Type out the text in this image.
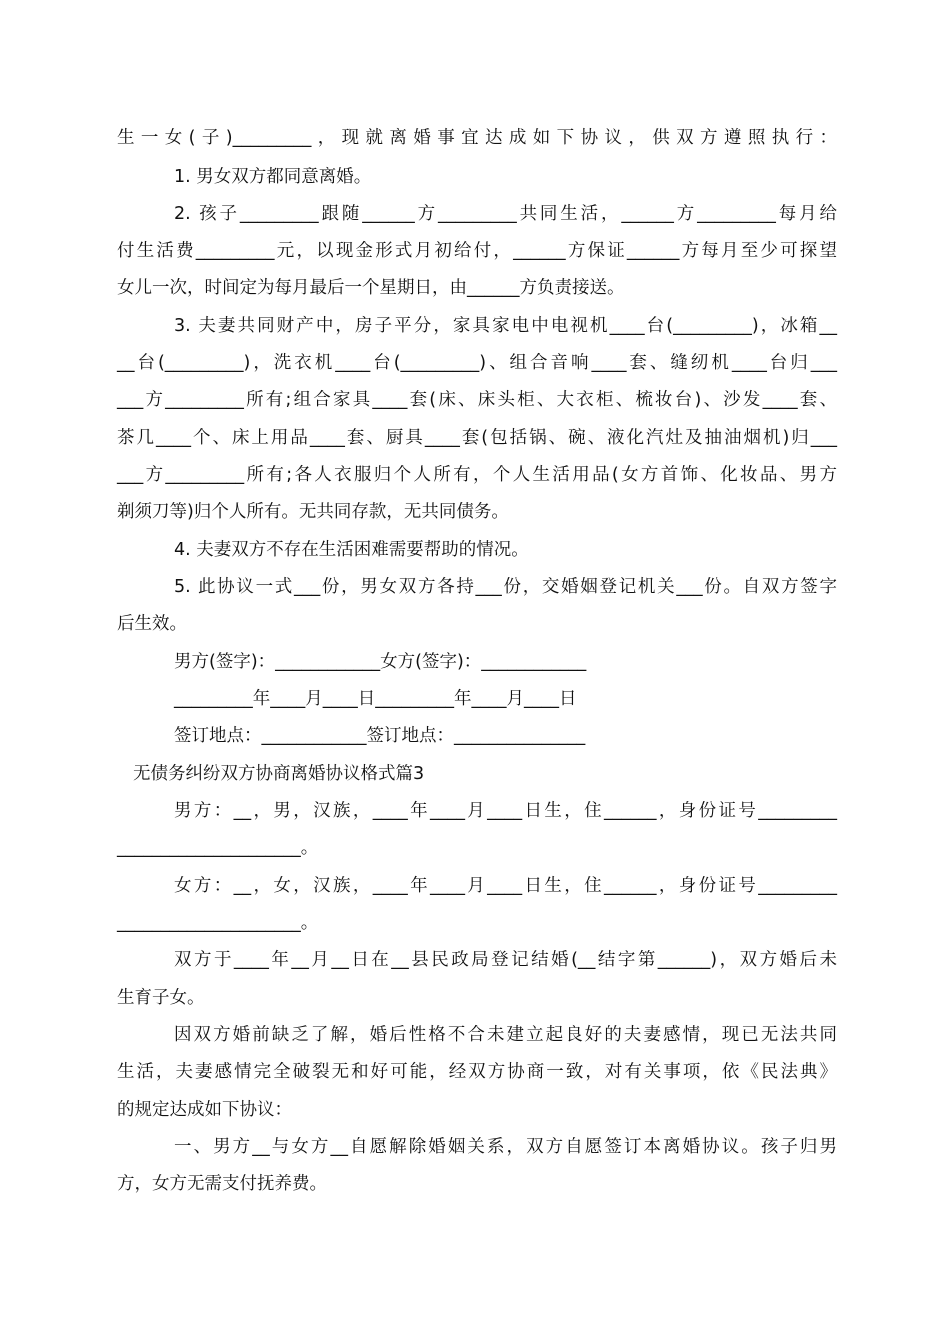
生一女(子)_________，现就离婚事宜达成如下协议，供双方遵照执行：
1. 男女双方都同意离婚。
2. 孩子_________跟随______方_________共同生活，______方_________每月给
付生活费_________元，以现金形式月初给付，______方保证______方每月至少可探望
女儿一次，时间定为每月最后一个星期日，由______方负责接送。
3. 夫妻共同财产中，房子平分，家具家电中电视机____台(_________)，冰箱__
__台(_________)，洗衣机____台(_________)、组合音响____套、缝纫机____台归___
___方_________所有;组合家具____套(床、床头柜、大衣柜、梳妆台)、沙发____套、
茶几____个、床上用品____套、厨具____套(包括锅、碗、液化汽灶及抽油烟机)归___
___方_________所有;各人衣服归个人所有，个人生活用品(女方首饰、化妆品、男方
剃须刀等)归个人所有。无共同存款，无共同债务。
4. 夫妻双方不存在生活困难需要帮助的情况。
5. 此协议一式___份，男女双方各持___份，交婚姻登记机关___份。自双方签字
后生效。
男方(签字)：____________女方(签字)：____________
_________年____月____日_________年____月____日
签订地点：____________签订地点：_______________
无债务纠纷双方协商离婚协议格式篇3
男方：__，男，汉族，____年____月____日生，住______，身份证号_________
_____________________。
女方：__，女，汉族，____年____月____日生，住______，身份证号_________
_____________________。
双方于____年__月__日在__县民政局登记结婚(__结字第______)，双方婚后未
生育子女。
因双方婚前缺乏了解，婚后性格不合未建立起良好的夫妻感情，现已无法共同
生活，夫妻感情完全破裂无和好可能，经双方协商一致，对有关事项，依《民法典》
的规定达成如下协议：
一、男方__与女方__自愿解除婚姻关系，双方自愿签订本离婚协议。孩子归男
方，女方无需支付抚养费。
